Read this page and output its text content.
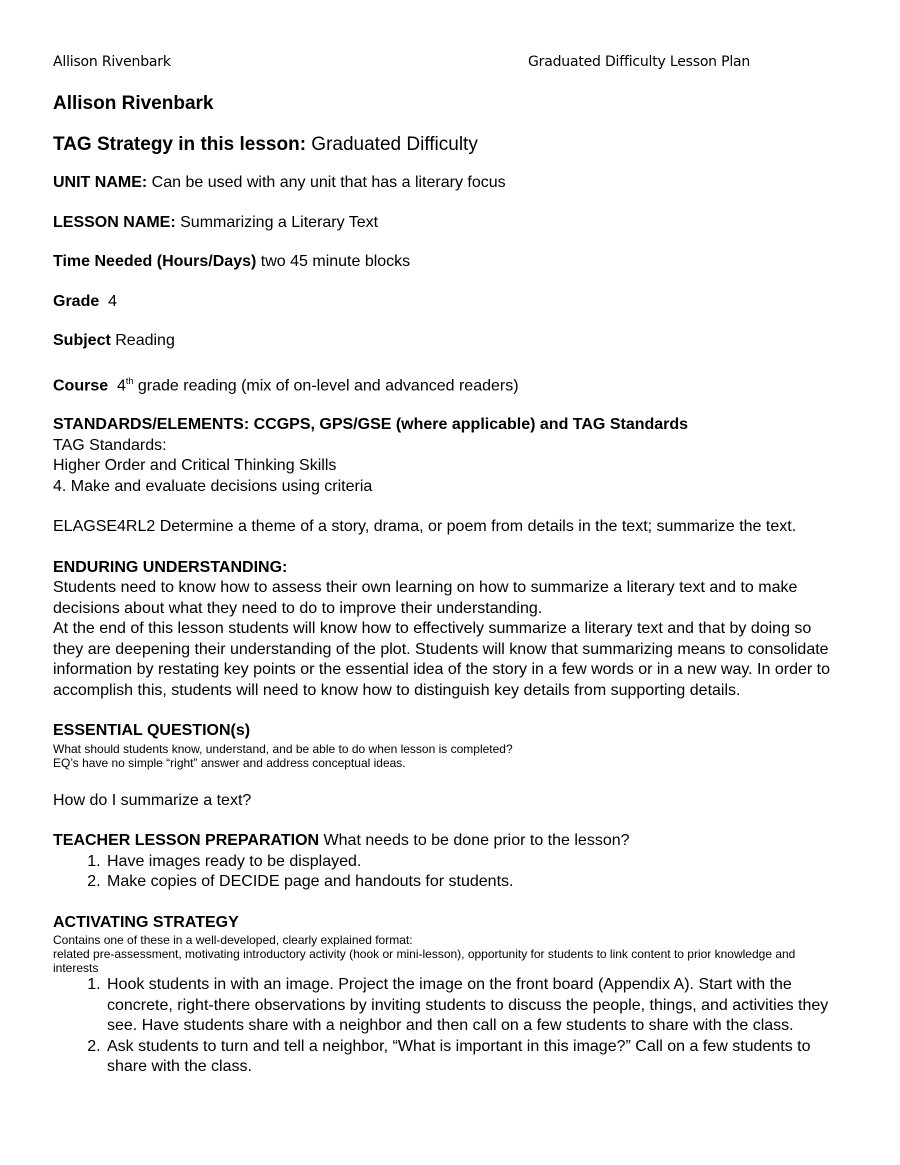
Allison Rivenbark	Graduated Difficulty Lesson Plan

Allison Rivenbark

TAG Strategy in this lesson: Graduated Difficulty
UNIT NAME: Can be used with any unit that has a literary focus
LESSON NAME: Summarizing a Literary Text
Time Needed (Hours/Days) two 45 minute blocks
Grade  4
Subject Reading
Course  4th grade reading (mix of on-level and advanced readers)
STANDARDS/ELEMENTS: CCGPS, GPS/GSE (where applicable) and TAG Standards
TAG Standards:
Higher Order and Critical Thinking Skills
4. Make and evaluate decisions using criteria
ELAGSE4RL2 Determine a theme of a story, drama, or poem from details in the text; summarize the text.
ENDURING UNDERSTANDING:
Students need to know how to assess their own learning on how to summarize a literary text and to make decisions about what they need to do to improve their understanding.
At the end of this lesson students will know how to effectively summarize a literary text and that by doing so they are deepening their understanding of the plot. Students will know that summarizing means to consolidate information by restating key points or the essential idea of the story in a few words or in a new way. In order to accomplish this, students will need to know how to distinguish key details from supporting details.
ESSENTIAL QUESTION(s)
What should students know, understand, and be able to do when lesson is completed?
EQ’s have no simple “right” answer and address conceptual ideas.
How do I summarize a text?
TEACHER LESSON PREPARATION What needs to be done prior to the lesson?
1. Have images ready to be displayed.
2. Make copies of DECIDE page and handouts for students.
ACTIVATING STRATEGY
Contains one of these in a well-developed, clearly explained format:
related pre-assessment, motivating introductory activity (hook or mini-lesson), opportunity for students to link content to prior knowledge and interests
1. Hook students in with an image. Project the image on the front board (Appendix A). Start with the concrete, right-there observations by inviting students to discuss the people, things, and activities they see. Have students share with a neighbor and then call on a few students to share with the class.
2. Ask students to turn and tell a neighbor, “What is important in this image?” Call on a few students to share with the class.
